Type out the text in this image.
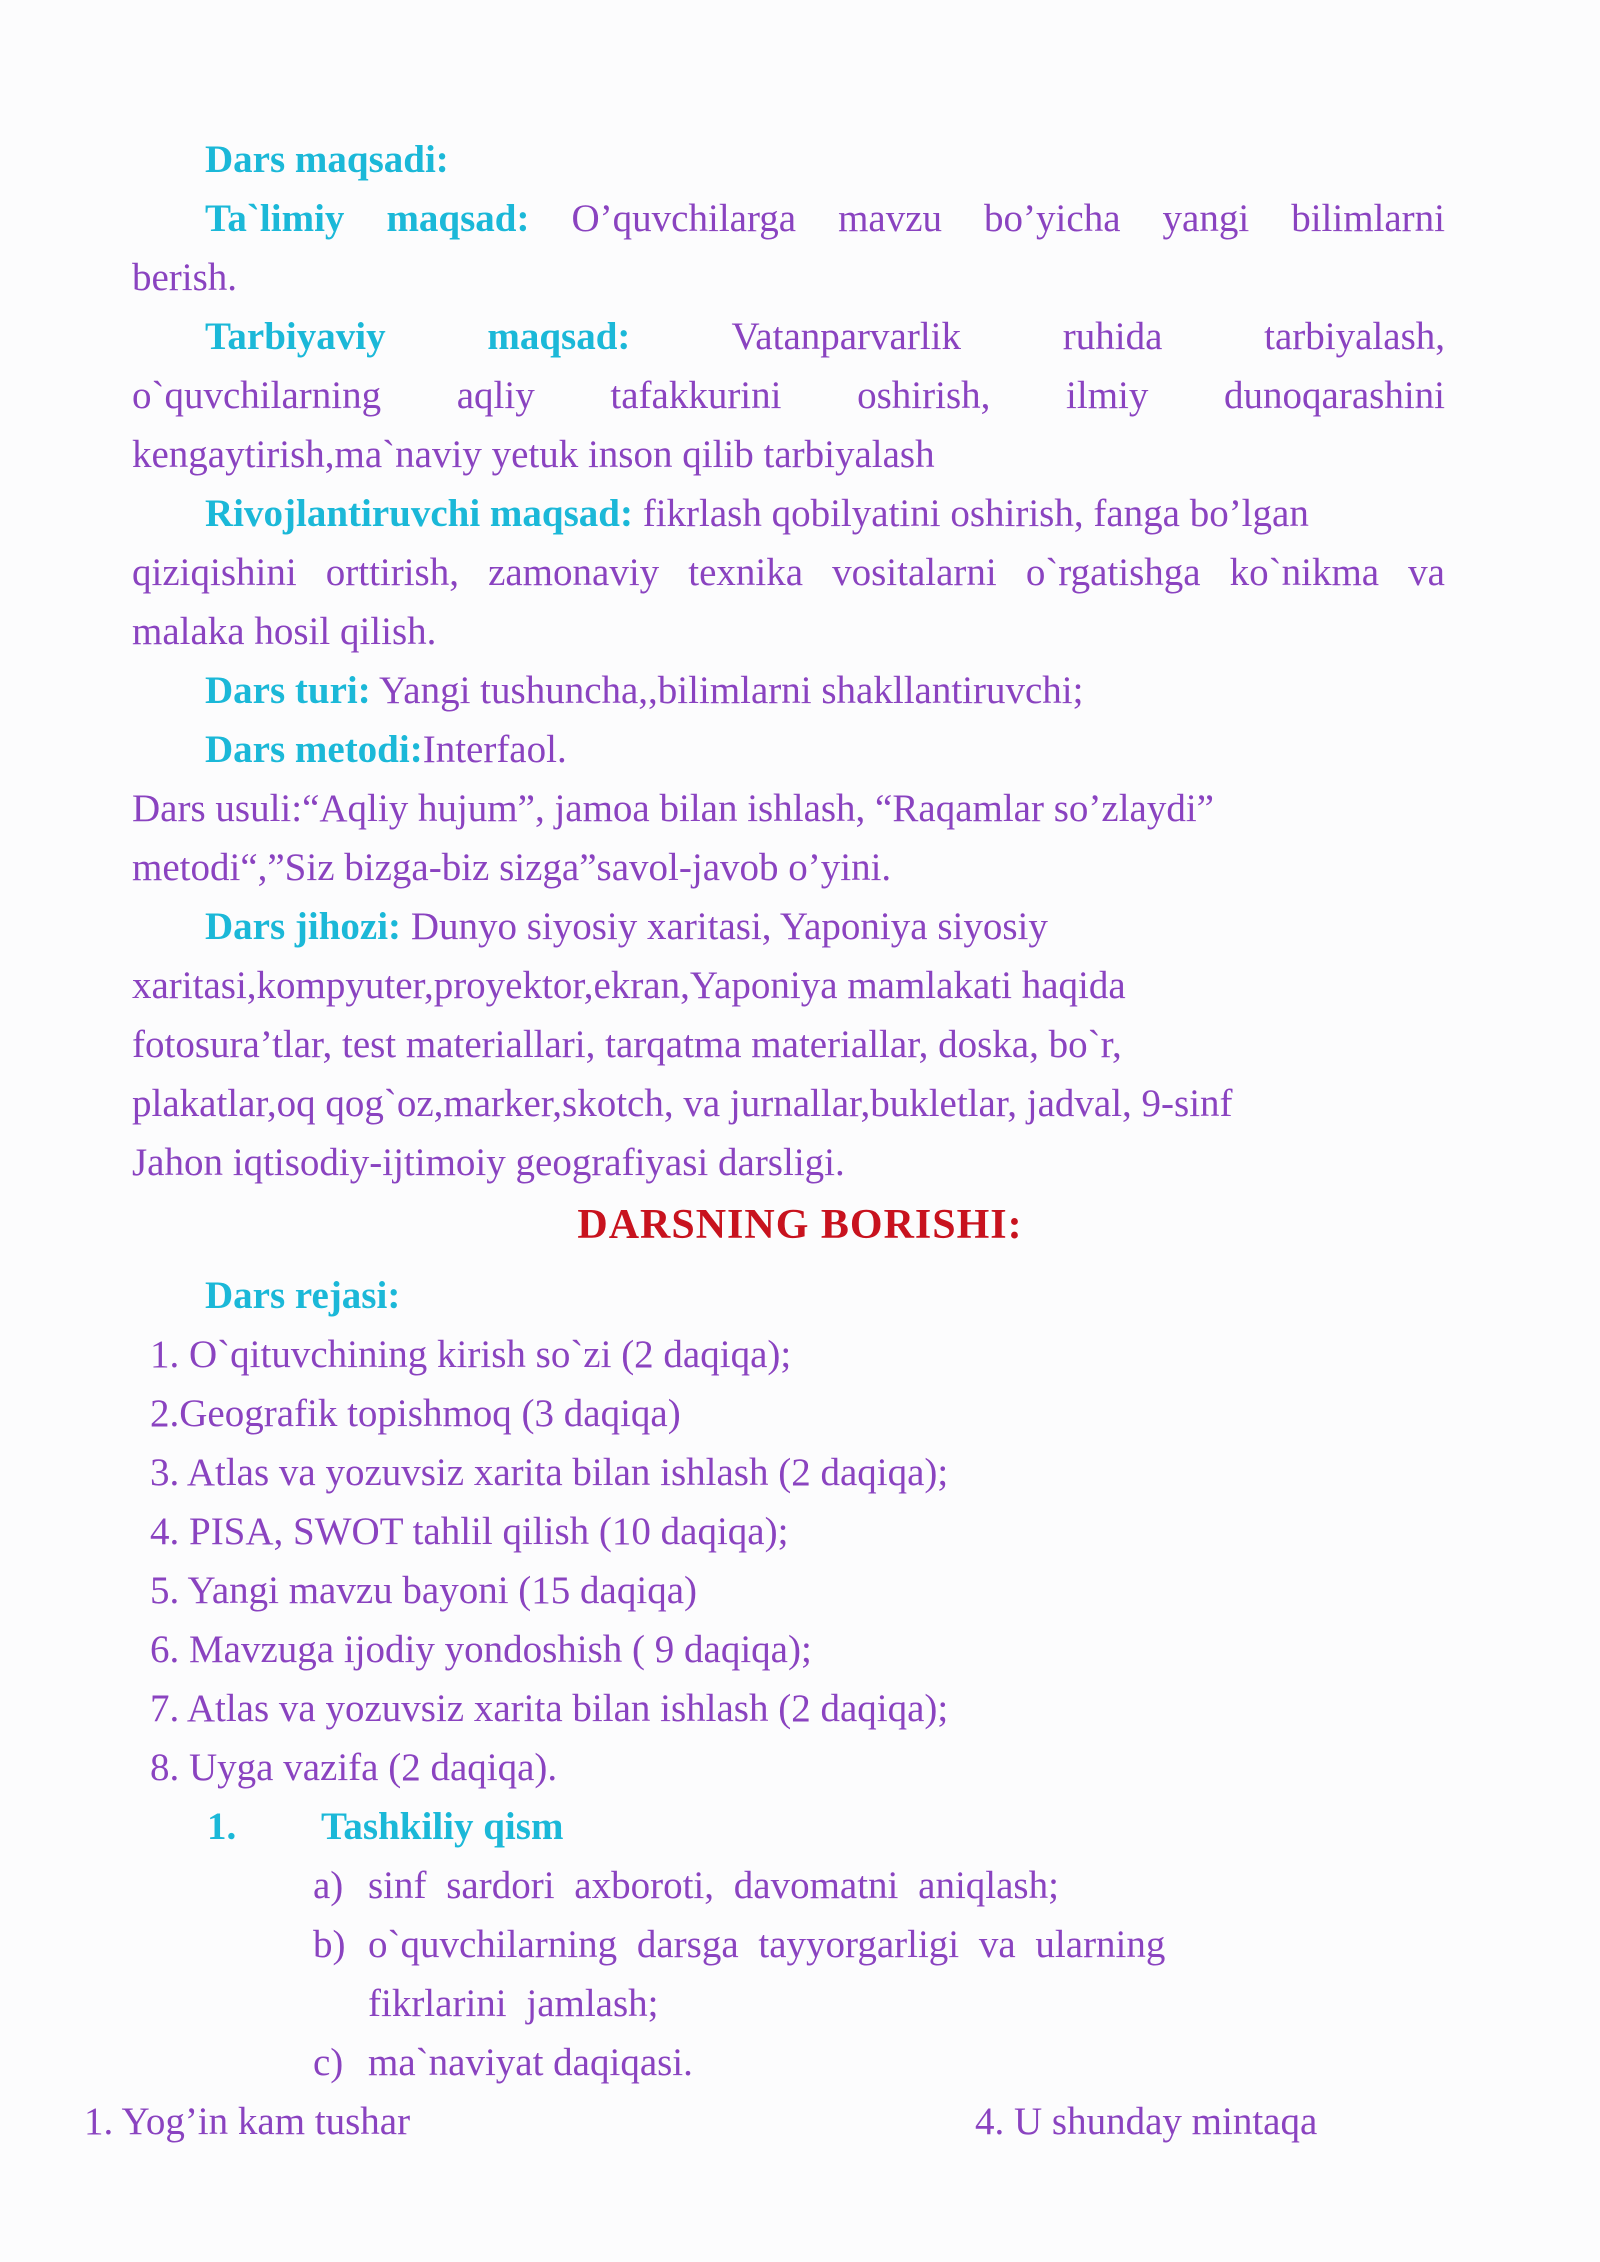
Dars maqsadi:
Ta`limiy maqsad: O’quvchilarga mavzu bo’yicha yangi bilimlarni
berish.
Tarbiyaviy maqsad:	Vatanparvarlik ruhida tarbiyalash,
o`quvchilarning aqliy tafakkurini oshirish, ilmiy dunoqarashini
kengaytirish,ma`naviy yetuk inson qilib tarbiyalash
Rivojlantiruvchi maqsad: fikrlash qobilyatini oshirish, fanga bo’lgan
qiziqishini orttirish, zamonaviy texnika vositalarni o`rgatishga ko`nikma va
malaka hosil qilish.
Dars turi: Yangi tushuncha,,bilimlarni shakllantiruvchi;
Dars metodi:Interfaol.
Dars usuli:“Aqliy hujum”, jamoa bilan ishlash, “Raqamlar so’zlaydi”
metodi“,”Siz bizga-biz sizga”savol-javob o’yini.
Dars jihozi: Dunyo siyosiy xaritasi, Yaponiya siyosiy
xaritasi,kompyuter,proyektor,ekran,Yaponiya mamlakati haqida
fotosura’tlar, test materiallari, tarqatma materiallar, doska, bo`r,
plakatlar,oq qog`oz,marker,skotch, va jurnallar,bukletlar, jadval, 9-sinf
Jahon iqtisodiy-ijtimoiy geografiyasi darsligi.
DARSNING BORISHI:
Dars rejasi:
1. O`qituvchining kirish so`zi (2 daqiqa);
2.Geografik topishmoq (3 daqiqa)
3. Atlas va yozuvsiz xarita bilan ishlash (2 daqiqa);
4. PISA, SWOT tahlil qilish (10 daqiqa);
5. Yangi mavzu bayoni (15 daqiqa)
6. Mavzuga ijodiy yondoshish ( 9 daqiqa);
7. Atlas va yozuvsiz xarita bilan ishlash (2 daqiqa);
8. Uyga vazifa (2 daqiqa).
1. Tashkiliy qism
a) sinf sardori axboroti, davomatni aniqlash;
b) o`quvchilarning darsga tayyorgarligi va ularning
fikrlarini jamlash;
c) ma`naviyat daqiqasi.
1. Yog’in kam tushar	4. U shunday mintaqa
